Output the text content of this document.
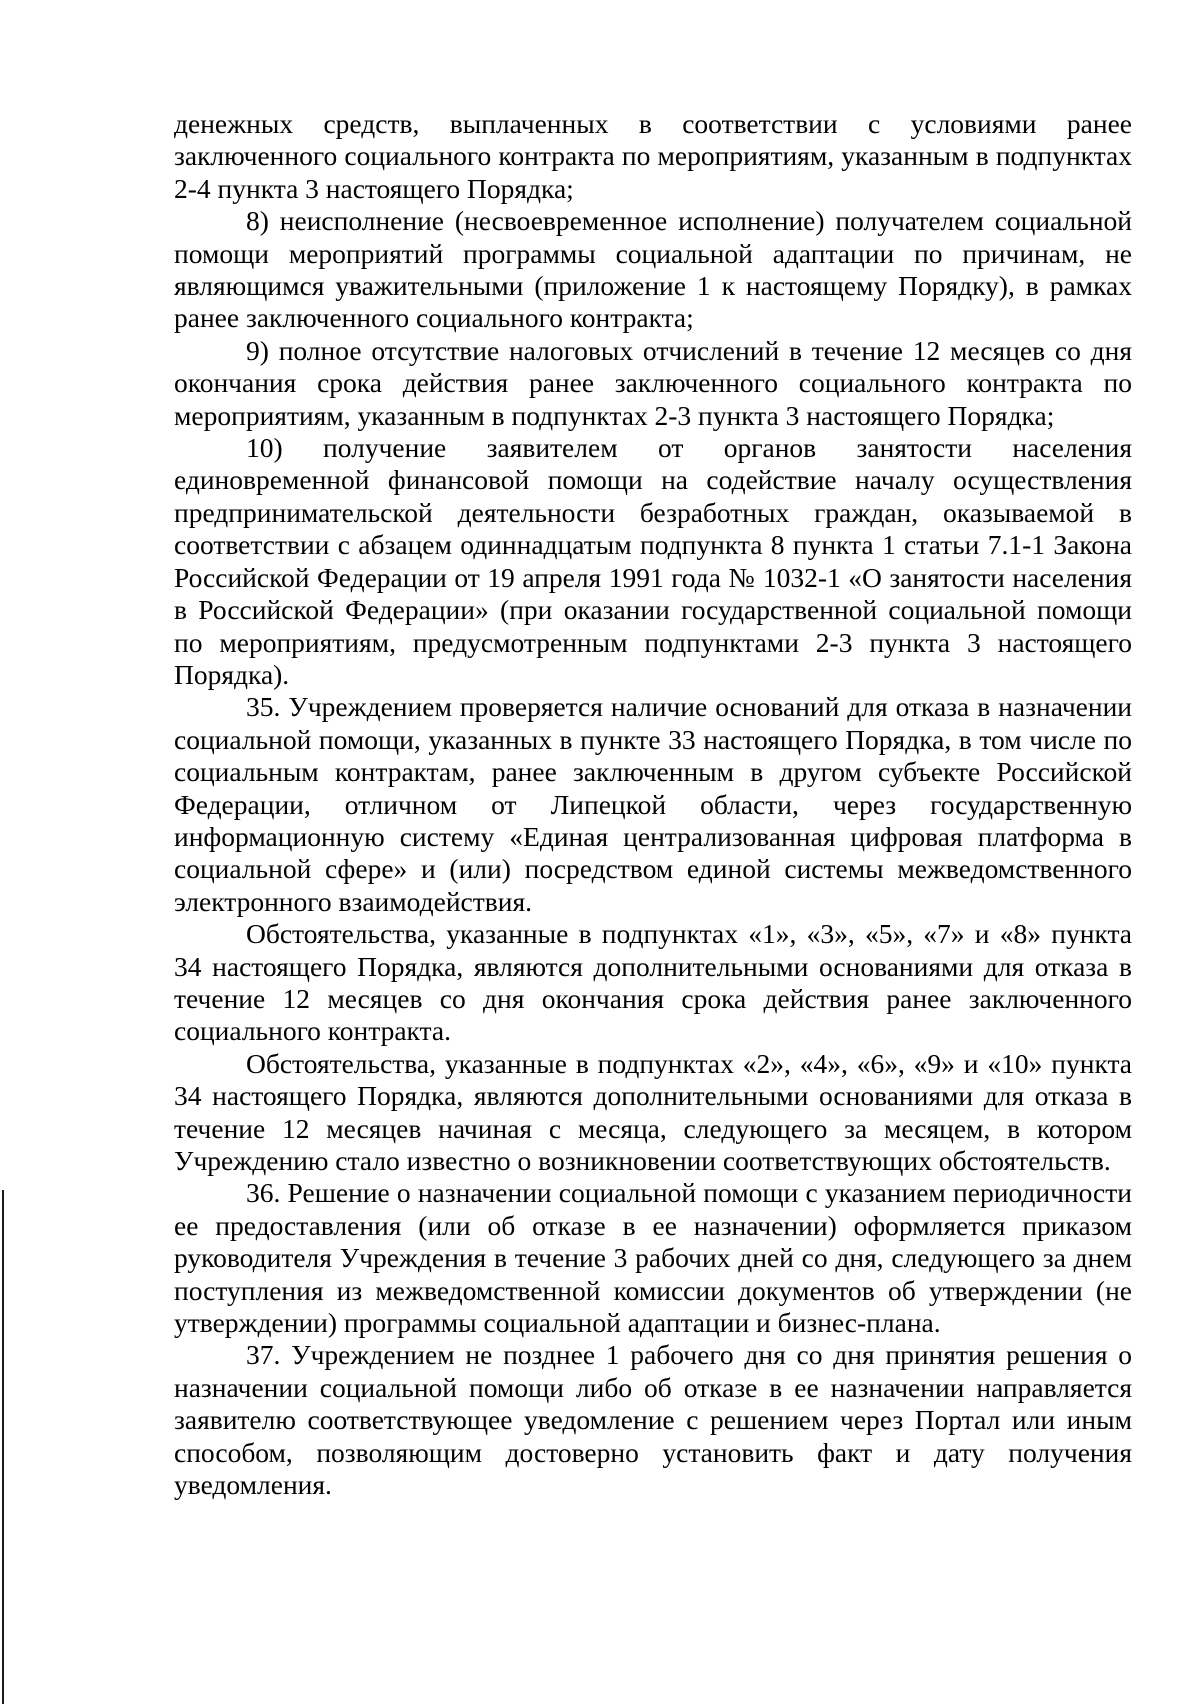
денежных средств, выплаченных в соответствии с условиями ранее заключенного социального контракта по мероприятиям, указанным в подпунктах 2-4 пункта 3 настоящего Порядка;

8) неисполнение (несвоевременное исполнение) получателем социальной помощи мероприятий программы социальной адаптации по причинам, не являющимся уважительными (приложение 1 к настоящему Порядку), в рамках ранее заключенного социального контракта;

9) полное отсутствие налоговых отчислений в течение 12 месяцев со дня окончания срока действия ранее заключенного социального контракта по мероприятиям, указанным в подпунктах 2-3 пункта 3 настоящего Порядка;

10) получение заявителем от органов занятости населения единовременной финансовой помощи на содействие началу осуществления предпринимательской деятельности безработных граждан, оказываемой в соответствии с абзацем одиннадцатым подпункта 8 пункта 1 статьи 7.1-1 Закона Российской Федерации от 19 апреля 1991 года № 1032-1 «О занятости населения в Российской Федерации» (при оказании государственной социальной помощи по мероприятиям, предусмотренным подпунктами 2-3 пункта 3 настоящего Порядка).

35. Учреждением проверяется наличие оснований для отказа в назначении социальной помощи, указанных в пункте 33 настоящего Порядка, в том числе по социальным контрактам, ранее заключенным в другом субъекте Российской Федерации, отличном от Липецкой области, через государственную информационную систему «Единая централизованная цифровая платформа в социальной сфере» и (или) посредством единой системы межведомственного электронного взаимодействия.

Обстоятельства, указанные в подпунктах «1», «3», «5», «7» и «8» пункта 34 настоящего Порядка, являются дополнительными основаниями для отказа в течение 12 месяцев со дня окончания срока действия ранее заключенного социального контракта.

Обстоятельства, указанные в подпунктах «2», «4», «6», «9» и «10» пункта 34 настоящего Порядка, являются дополнительными основаниями для отказа в течение 12 месяцев начиная с месяца, следующего за месяцем, в котором Учреждению стало известно о возникновении соответствующих обстоятельств.

36. Решение о назначении социальной помощи с указанием периодичности ее предоставления (или об отказе в ее назначении) оформляется приказом руководителя Учреждения в течение 3 рабочих дней со дня, следующего за днем поступления из межведомственной комиссии документов об утверждении (не утверждении) программы социальной адаптации и бизнес-плана.

37. Учреждением не позднее 1 рабочего дня со дня принятия решения о назначении социальной помощи либо об отказе в ее назначении направляется заявителю соответствующее уведомление с решением через Портал или иным способом, позволяющим достоверно установить факт и дату получения уведомления.
